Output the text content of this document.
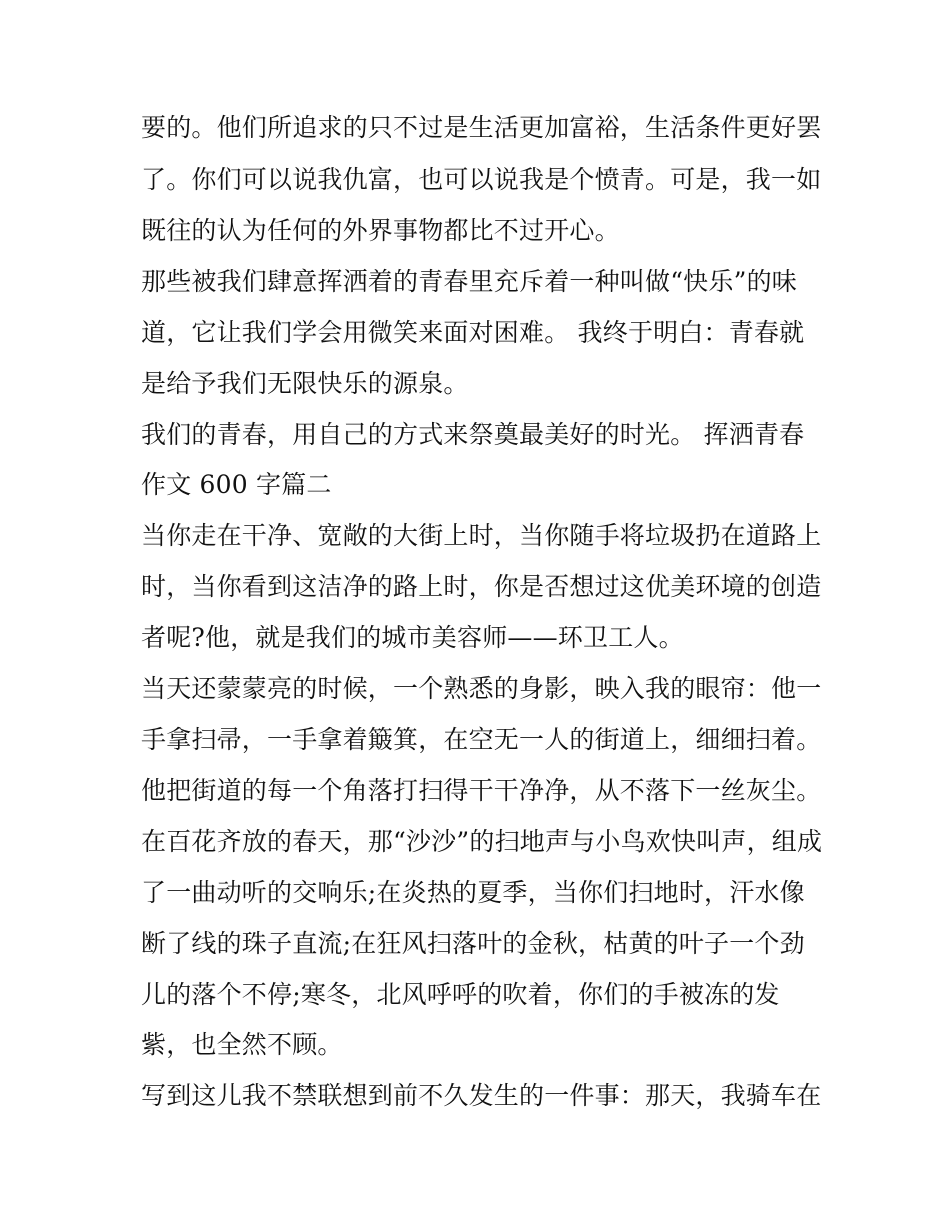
要的。他们所追求的只不过是生活更加富裕，生活条件更好罢
了。你们可以说我仇富，也可以说我是个愤青。可是，我一如
既往的认为任何的外界事物都比不过开心。
那些被我们肆意挥洒着的青春里充斥着一种叫做“快乐”的味
道，它让我们学会用微笑来面对困难。 我终于明白：青春就
是给予我们无限快乐的源泉。
我们的青春，用自己的方式来祭奠最美好的时光。 挥洒青春
作文 600 字篇二
当你走在干净、宽敞的大街上时，当你随手将垃圾扔在道路上
时，当你看到这洁净的路上时，你是否想过这优美环境的创造
者呢?他，就是我们的城市美容师——环卫工人。
当天还蒙蒙亮的时候，一个熟悉的身影，映入我的眼帘：他一
手拿扫帚，一手拿着簸箕，在空无一人的街道上，细细扫着。
他把街道的每一个角落打扫得干干净净，从不落下一丝灰尘。
在百花齐放的春天，那“沙沙”的扫地声与小鸟欢快叫声，组成
了一曲动听的交响乐;在炎热的夏季，当你们扫地时，汗水像
断了线的珠子直流;在狂风扫落叶的金秋，枯黄的叶子一个劲
儿的落个不停;寒冬，北风呼呼的吹着，你们的手被冻的发
紫，也全然不顾。
写到这儿我不禁联想到前不久发生的一件事：那天，我骑车在
